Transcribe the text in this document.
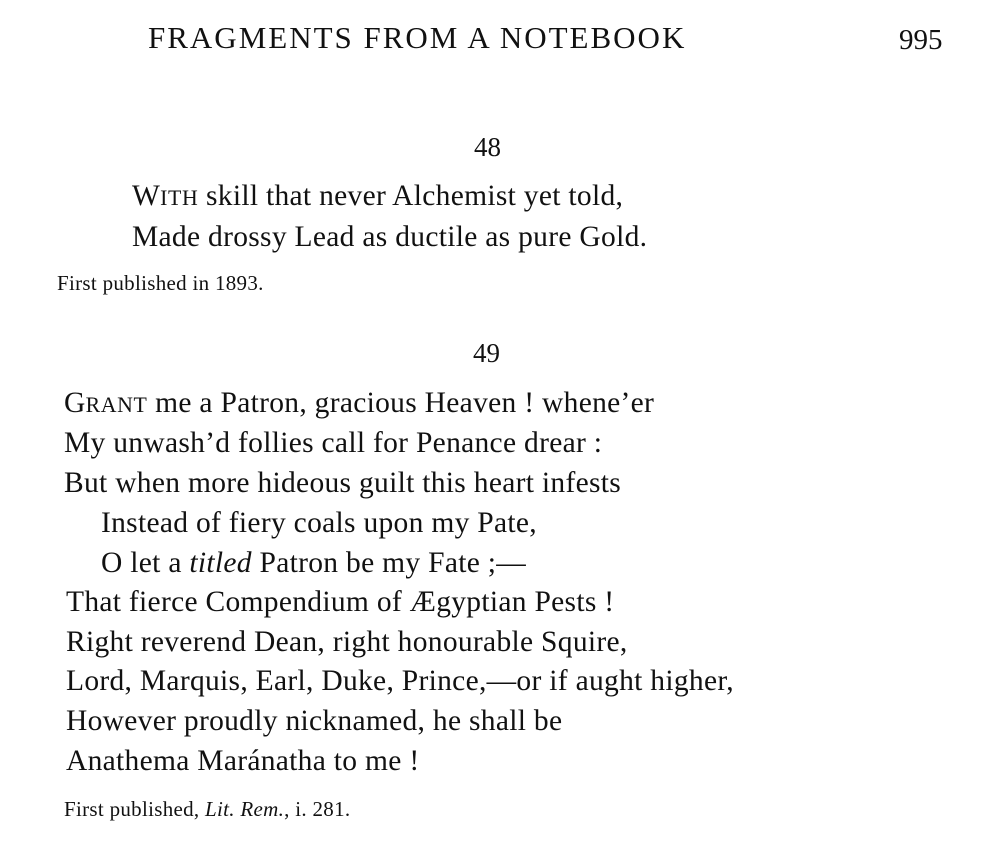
FRAGMENTS FROM A NOTEBOOK	995
48
WITH skill that never Alchemist yet told,
Made drossy Lead as ductile as pure Gold.
First published in 1893.
49
GRANT me a Patron, gracious Heaven ! whene’er
My unwash’d follies call for Penance drear :
But when more hideous guilt this heart infests
Instead of fiery coals upon my Pate,
O let a titled Patron be my Fate ;—
That fierce Compendium of Ægyptian Pests !
Right reverend Dean, right honourable Squire,
Lord, Marquis, Earl, Duke, Prince,—or if aught higher,
However proudly nicknamed, he shall be
Anathema Maránatha to me !
First published, Lit. Rem., i. 281.
